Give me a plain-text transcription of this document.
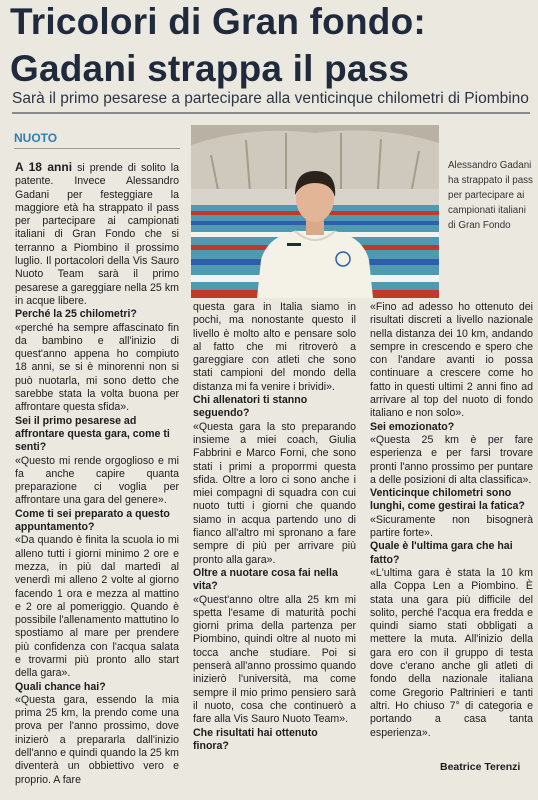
Tricolori di Gran fondo:
Gadani strappa il pass
Sarà il primo pesarese a partecipare alla venticinque chilometri di Piombino
NUOTO
Alessandro Gadani ha strappato il pass per partecipare ai campionati italiani di Gran Fondo

A 18 anni si prende di solito la patente. Invece Alessandro Gadani per festeggiare la maggiore età ha strappato il pass per partecipare ai campionati italiani di Gran Fondo che si terranno a Piombino il prossimo luglio. Il portacolori della Vis Sauro Nuoto Team sarà il primo pesarese a gareggiare nella 25 km in acque libere.

Perché la 25 chilometri?

«perché ha sempre affascinato fin da bambino e all'inizio di quest'anno appena ho compiuto 18 anni, se si è minorenni non si può nuotarla, mi sono detto che sarebbe stata la volta buona per affrontare questa sfida».

Sei il primo pesarese ad affrontare questa gara, come ti senti?

«Questo mi rende orgoglioso e mi fa anche capire quanta preparazione ci voglia per affrontare una gara del genere».

Come ti sei preparato a questo appuntamento?

«Da quando è finita la scuola io mi alleno tutti i giorni minimo 2 ore e mezza, in più dal martedì al venerdì mi alleno 2 volte al giorno facendo 1 ora e mezza al mattino e 2 ore al pomeriggio. Quando è possibile l'allenamento mattutino lo spostiamo al mare per prendere più confidenza con l'acqua salata e trovarmi più pronto allo start della gara».

Quali chance hai?

«Questa gara, essendo la mia prima 25 km, la prendo come una prova per l'anno prossimo, dove inizierò a prepararla dall'inizio dell'anno e quindi quando la 25 km diventerà un obbiettivo vero e proprio. A fare

questa gara in Italia siamo in pochi, ma nonostante questo il livello è molto alto e pensare solo al fatto che mi ritroverò a gareggiare con atleti che sono stati campioni del mondo della distanza mi fa venire i brividi».

Chi allenatori ti stanno seguendo?

«Questa gara la sto preparando insieme a miei coach, Giulia Fabbrini e Marco Forni, che sono stati i primi a proporrmi questa sfida. Oltre a loro ci sono anche i miei compagni di squadra con cui nuoto tutti i giorni che quando siamo in acqua partendo uno di fianco all'altro mi spronano a fare sempre di più per arrivare più pronto alla gara».

Oltre a nuotare cosa fai nella vita?

«Quest'anno oltre alla 25 km mi spetta l'esame di maturità pochi giorni prima della partenza per Piombino, quindi oltre al nuoto mi tocca anche studiare. Poi si penserà all'anno prossimo quando inizierò l'università, ma come sempre il mio primo pensiero sarà il nuoto, cosa che continuerò a fare alla Vis Sauro Nuoto Team».

Che risultati hai ottenuto finora?

«Fino ad adesso ho ottenuto dei risultati discreti a livello nazionale nella distanza dei 10 km, andando sempre in crescendo e spero che con l'andare avanti io possa continuare a crescere come ho fatto in questi ultimi 2 anni fino ad arrivare al top del nuoto di fondo italiano e non solo».

Sei emozionato?

«Questa 25 km è per fare esperienza e per farsi trovare pronti l'anno prossimo per puntare a delle posizioni di alta classifica».

Venticinque chilometri sono lunghi, come gestirai la fatica?

«Sicuramente non bisognerà partire forte».

Quale è l'ultima gara che hai fatto?

«L'ultima gara è stata la 10 km alla Coppa Len a Piombino. È stata una gara più difficile del solito, perché l'acqua era fredda e quindi siamo stati obbligati a mettere la muta. All'inizio della gara ero con il gruppo di testa dove c'erano anche gli atleti di fondo della nazionale italiana come Gregorio Paltrinieri e tanti altri. Ho chiuso 7° di categoria e portando a casa tanta esperienza».

Beatrice Terenzi
